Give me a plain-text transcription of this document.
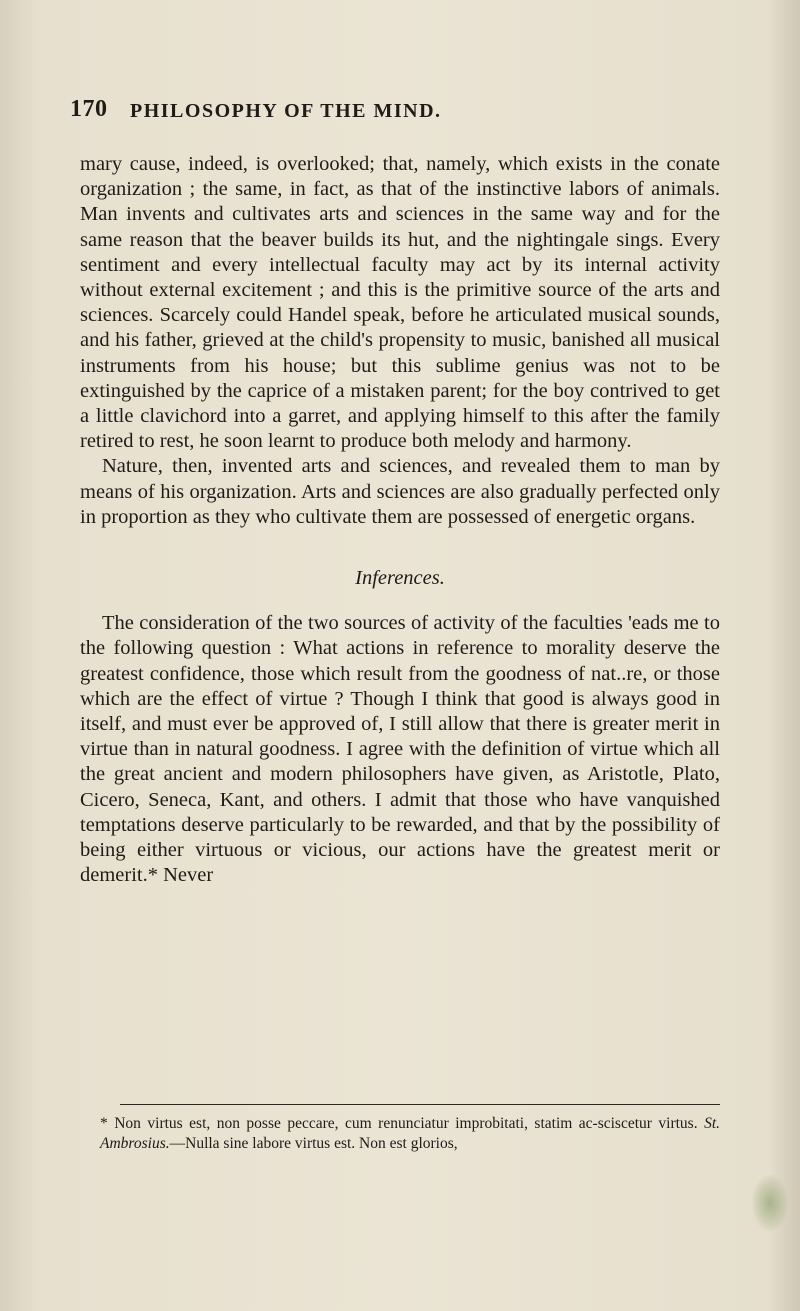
170 PHILOSOPHY OF THE MIND.

mary cause, indeed, is overlooked; that, namely, which exists in the conate organization ; the same, in fact, as that of the instinctive labors of animals. Man invents and cultivates arts and sciences in the same way and for the same reason that the beaver builds its hut, and the nightingale sings. Every sentiment and every intellectual faculty may act by its internal activity without external excitement ; and this is the primitive source of the arts and sciences. Scarcely could Handel speak, before he articulated musical sounds, and his father, grieved at the child's propensity to music, banished all musical instruments from his house; but this sublime genius was not to be extinguished by the caprice of a mistaken parent; for the boy contrived to get a little clavichord into a garret, and applying himself to this after the family retired to rest, he soon learnt to produce both melody and harmony.

Nature, then, invented arts and sciences, and revealed them to man by means of his organization. Arts and sciences are also gradually perfected only in proportion as they who cultivate them are possessed of energetic organs.

Inferences.

The consideration of the two sources of activity of the faculties 'eads me to the following question : What actions in reference to morality deserve the greatest confidence, those which result from the goodness of nat..re, or those which are the effect of virtue ? Though I think that good is always good in itself, and must ever be approved of, I still allow that there is greater merit in virtue than in natural goodness. I agree with the definition of virtue which all the great ancient and modern philosophers have given, as Aristotle, Plato, Cicero, Seneca, Kant, and others. I admit that those who have vanquished temptations deserve particularly to be rewarded, and that by the possibility of being either virtuous or vicious, our actions have the greatest merit or demerit.* Never

* Non virtus est, non posse peccare, cum renunciatur improbitati, statim ac-sciscetur virtus. St. Ambrosius.—Nulla sine labore virtus est. Non est glorios,
